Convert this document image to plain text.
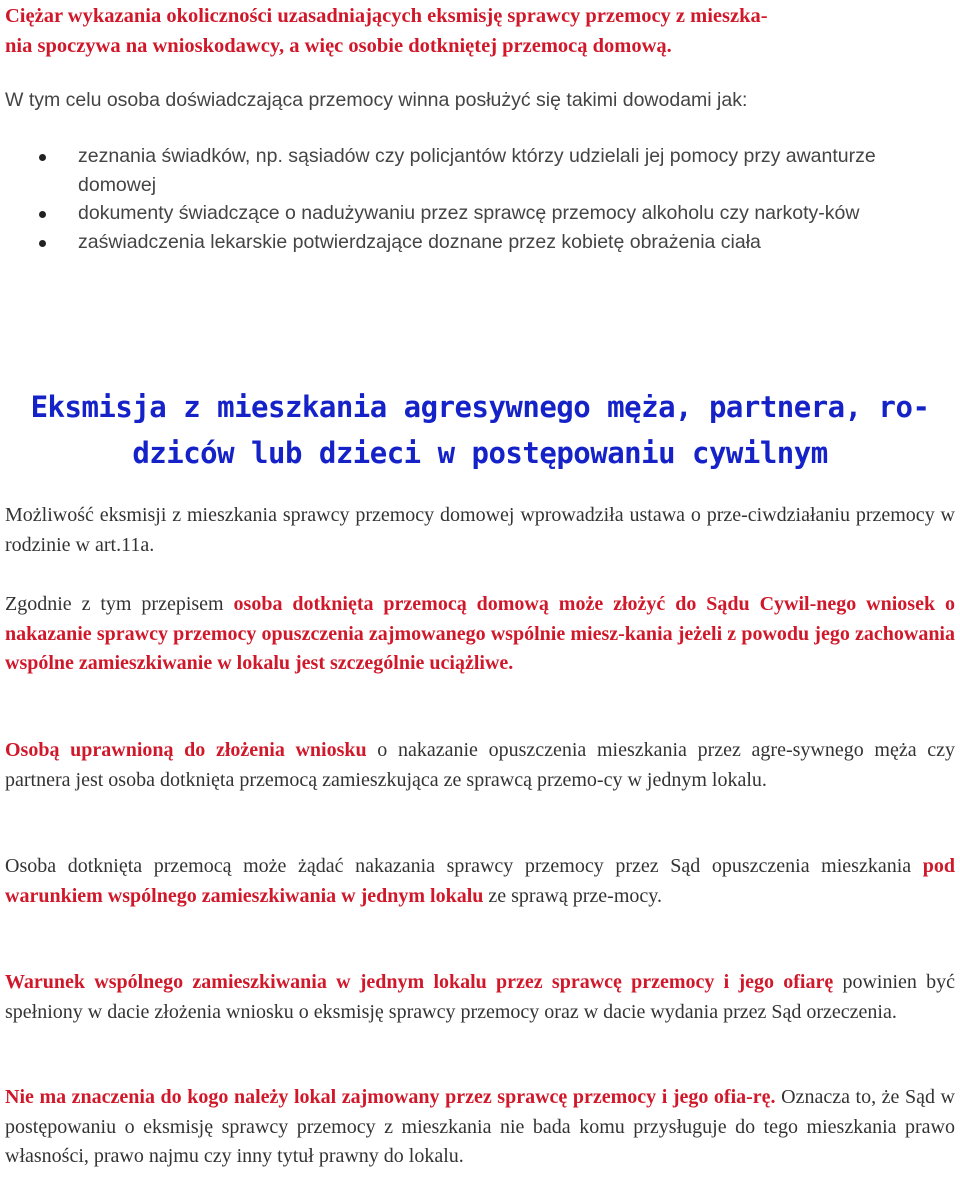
Ciężar wykazania okoliczności uzasadniających eksmisję sprawcy przemocy z mieszka-
nia spoczywa na wnioskodawcy, a więc osobie dotkniętej przemocą domową.
W tym celu osoba doświadczająca przemocy winna posłużyć się takimi dowodami jak:
zeznania świadków, np. sąsiadów czy policjantów którzy udzielali jej pomocy przy awanturze domowej
dokumenty świadczące o nadużywaniu przez sprawcę przemocy alkoholu czy narkoty-ków
zaświadczenia lekarskie potwierdzające doznane przez kobietę obrażenia ciała
Eksmisja z mieszkania agresywnego męża, partnera, ro-
dziców lub dzieci w postępowaniu cywilnym
Możliwość eksmisji z mieszkania sprawcy przemocy domowej wprowadziła ustawa o prze-ciwdziałaniu przemocy w rodzinie w art.11a.
Zgodnie z tym przepisem osoba dotknięta przemocą domową może złożyć do Sądu Cywil-nego wniosek o nakazanie sprawcy przemocy opuszczenia zajmowanego wspólnie miesz-kania jeżeli z powodu jego zachowania wspólne zamieszkiwanie w lokalu jest szczególnie uciążliwe.
Osobą uprawnioną do złożenia wniosku o nakazanie opuszczenia mieszkania przez agre-sywnego męża czy partnera jest osoba dotknięta przemocą zamieszkująca ze sprawcą przemo-cy w jednym lokalu.
Osoba dotknięta przemocą może żądać nakazania sprawcy przemocy przez Sąd opuszczenia mieszkania pod warunkiem wspólnego zamieszkiwania w jednym lokalu ze sprawą prze-mocy.
Warunek wspólnego zamieszkiwania w jednym lokalu przez sprawcę przemocy i jego ofiarę powinien być spełniony w dacie złożenia wniosku o eksmisję sprawcy przemocy oraz w dacie wydania przez Sąd orzeczenia.
Nie ma znaczenia do kogo należy lokal zajmowany przez sprawcę przemocy i jego ofia-rę. Oznacza to, że Sąd w postępowaniu o eksmisję sprawcy przemocy z mieszkania nie bada komu przysługuje do tego mieszkania prawo własności, prawo najmu czy inny tytuł prawny do lokalu.
